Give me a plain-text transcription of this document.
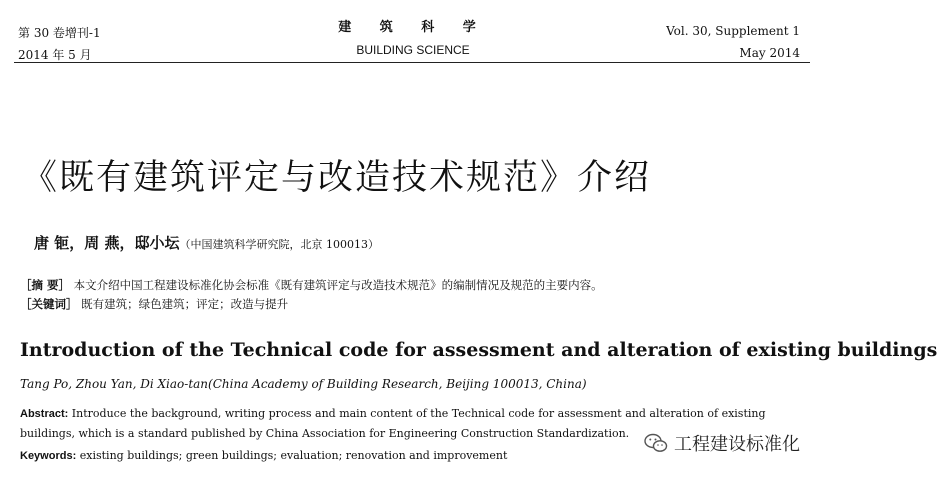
第 30 卷增刊-1
2014 年 5 月
建 筑 科 学
BUILDING SCIENCE
Vol. 30, Supplement 1
May 2014
《既有建筑评定与改造技术规范》介绍
唐 钷，周 燕，邸小坛（中国建筑科学研究院，北京 100013）
［摘 要］ 本文介绍中国工程建设标准化协会标准《既有建筑评定与改造技术规范》的编制情况及规范的主要内容。
［关键词］ 既有建筑；绿色建筑；评定；改造与提升
Introduction of the Technical code for assessment and alteration of existing buildings
Tang Po, Zhou Yan, Di Xiao-tan(China Academy of Building Research, Beijing 100013, China)
Abstract: Introduce the background, writing process and main content of the Technical code for assessment and alteration of existing buildings, which is a standard published by China Association for Engineering Construction Standardization.
Keywords: existing buildings; green buildings; evaluation; renovation and improvement
工程建设标准化
